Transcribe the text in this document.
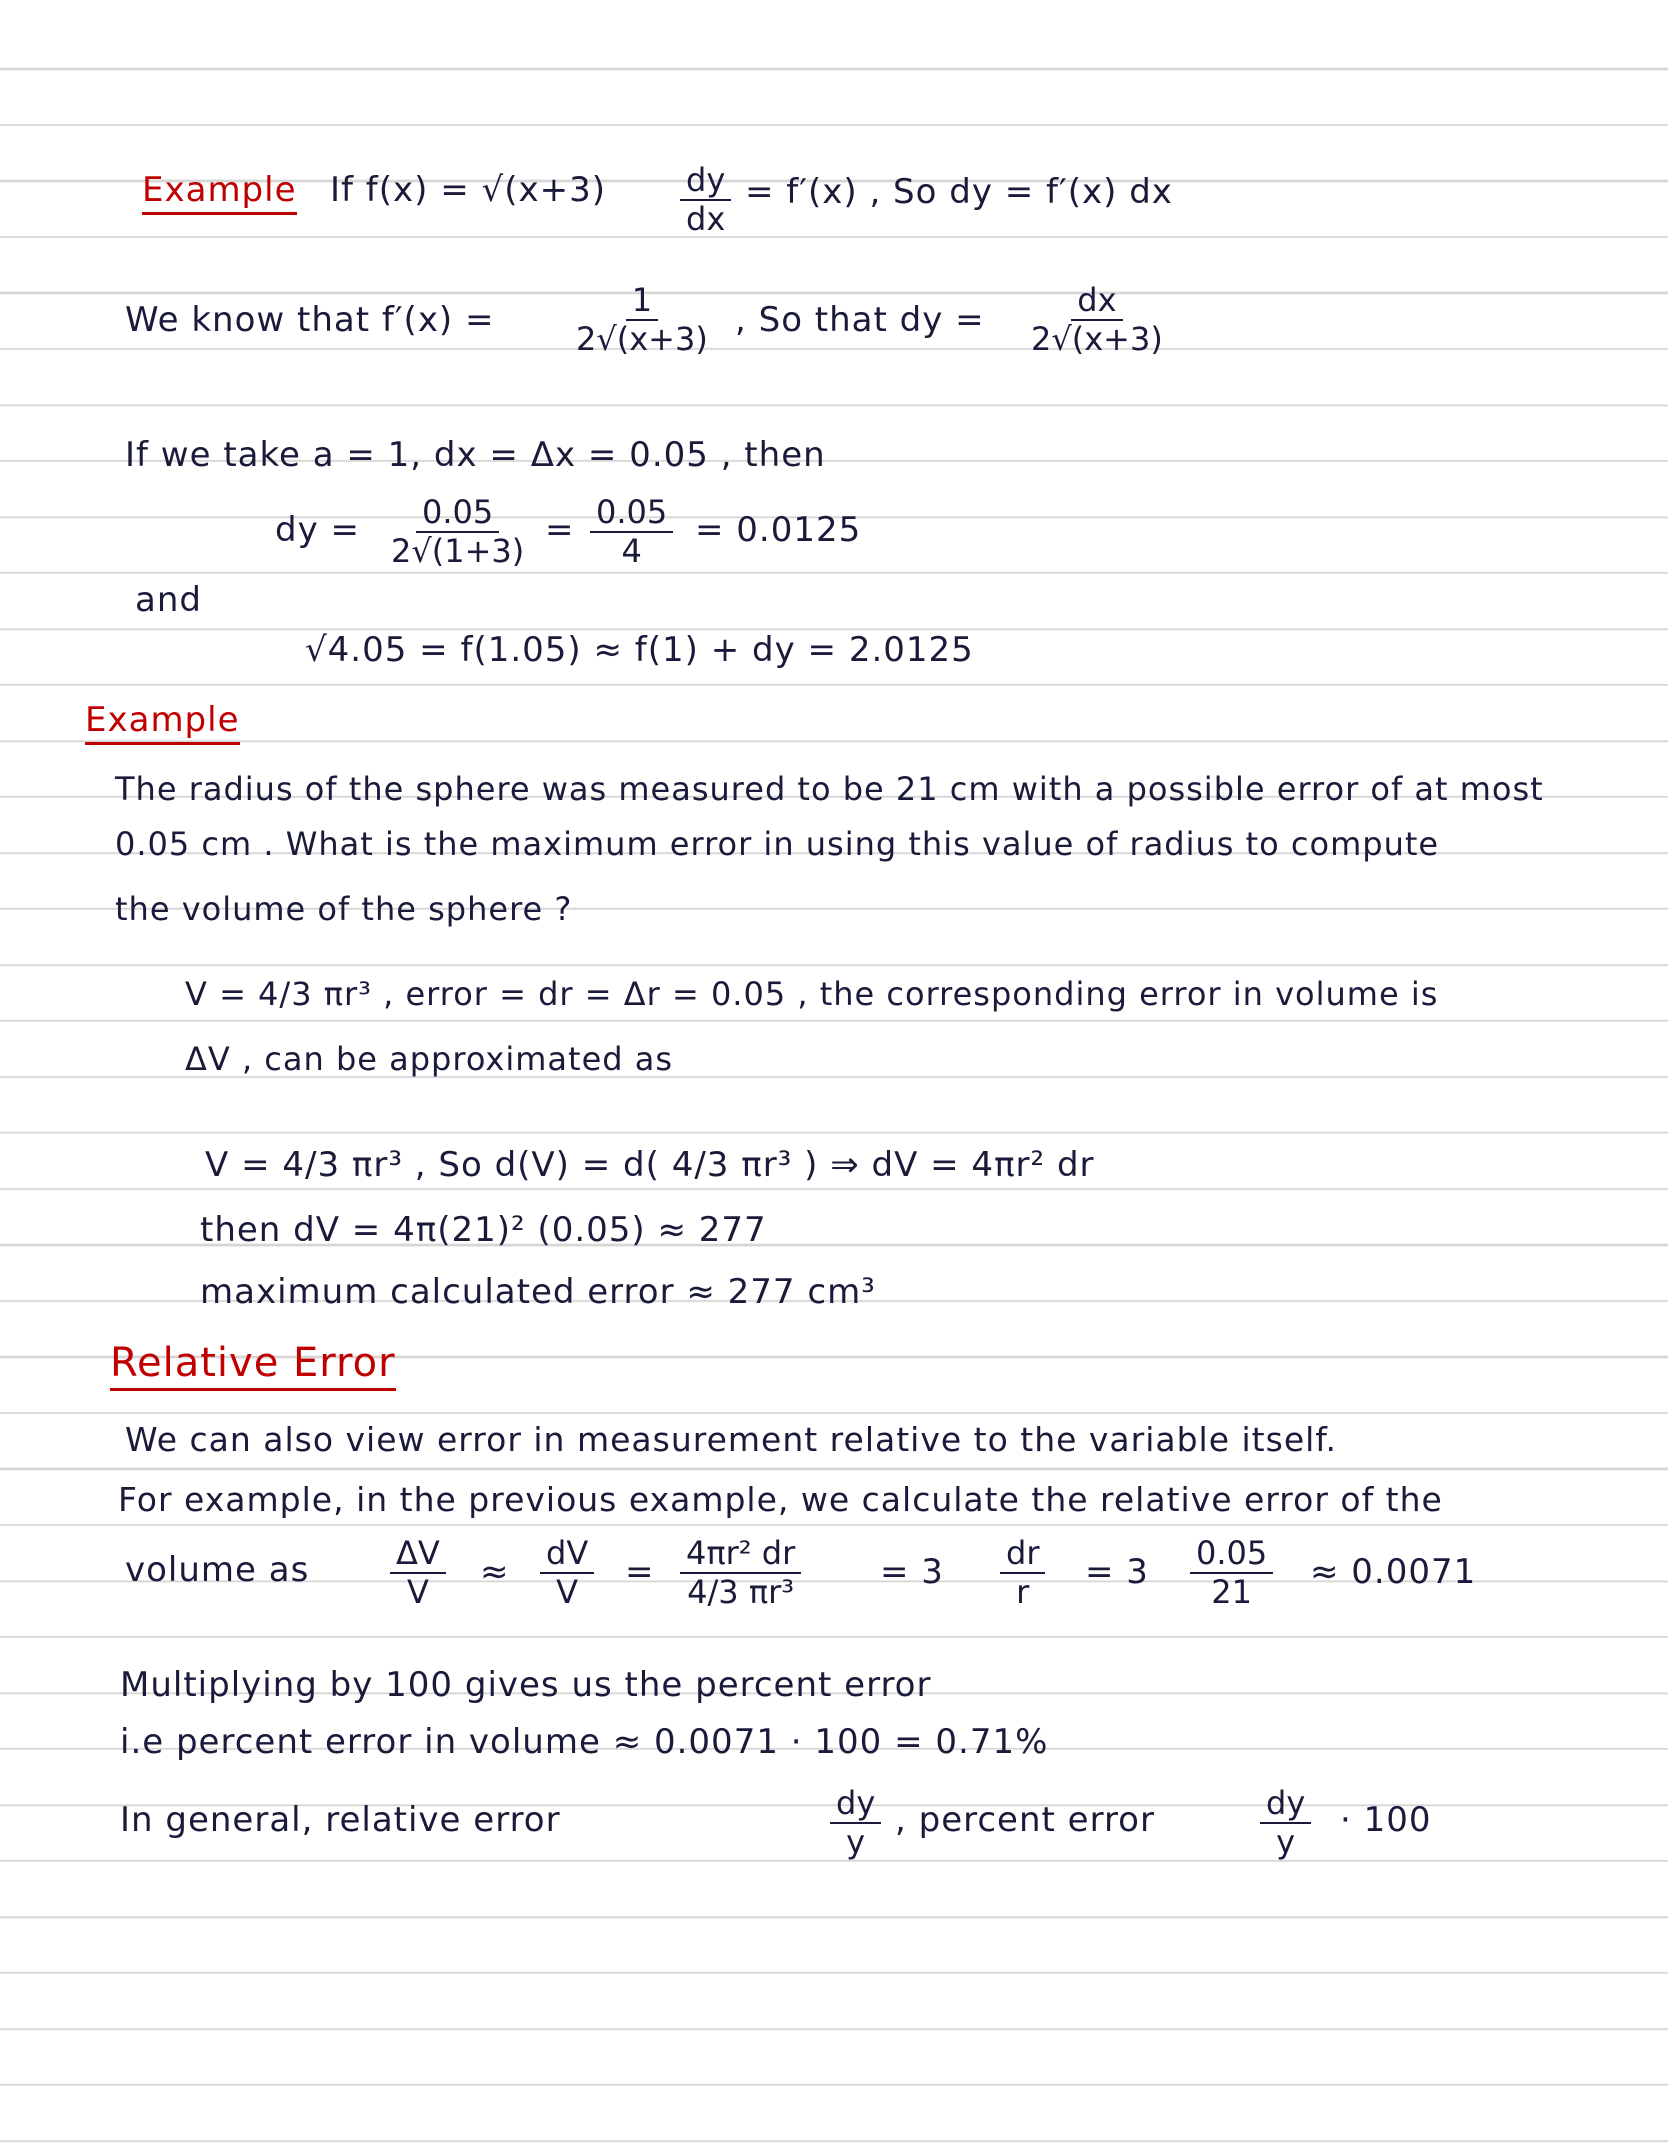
Example If $f(x) = √(x+3) \frac{dy}{dx} = f'(x)$ , So dy = f′(x) dx
We know that $f'(x) = \frac{1}{2√(x+3)}$ , So that dy = $\frac{dx}{2√(x+3)}$
If we take a = 1, dx = Δx = 0.05 , then
dy = $\frac{0.05}{2√(1+3)} = \frac{0.05}{4} = 0.0125$
and
√4.05 = f(1.05) ≈ f(1) + dy = 2.0125
Example
The radius of the sphere was measured to be 21 cm with a possible error of at most
0.05 cm . What is the maximum error in using this value of radius to compute
the volume of the sphere ?
V = 4/3 πr³ , error = dr = Δr = 0.05 , the corresponding error in volume is
ΔV , can be approximated as
V = 4/3 πr³ , So d(V) = d( 4/3 πr³ ) ⇒ dV = 4πr² dr
then dV = 4π(21)² (0.05) ≈ 277
maximum calculated error ≈ 277 cm³
Relative Error
We can also view error in measurement relative to the variable itself.
For example, in the previous example, we calculate the relative error of the
volume as	$\frac{\Delta V}{V} \approx \frac{dV}{V} = \frac{\text{4πr² dr}}{\text{4/3 πr³}} = 3 \frac{dr}{r} = 3 \frac{0.05}{21} \approx 0.0071$
Multiplying by 100 gives us the percent error
i.e percent error in volume ≈ 0.0071 · 100 = 0.71%
In general, relative error	$\frac{dy}{y}$ , percent error	$\frac{dy}{y} \cdot 100$
